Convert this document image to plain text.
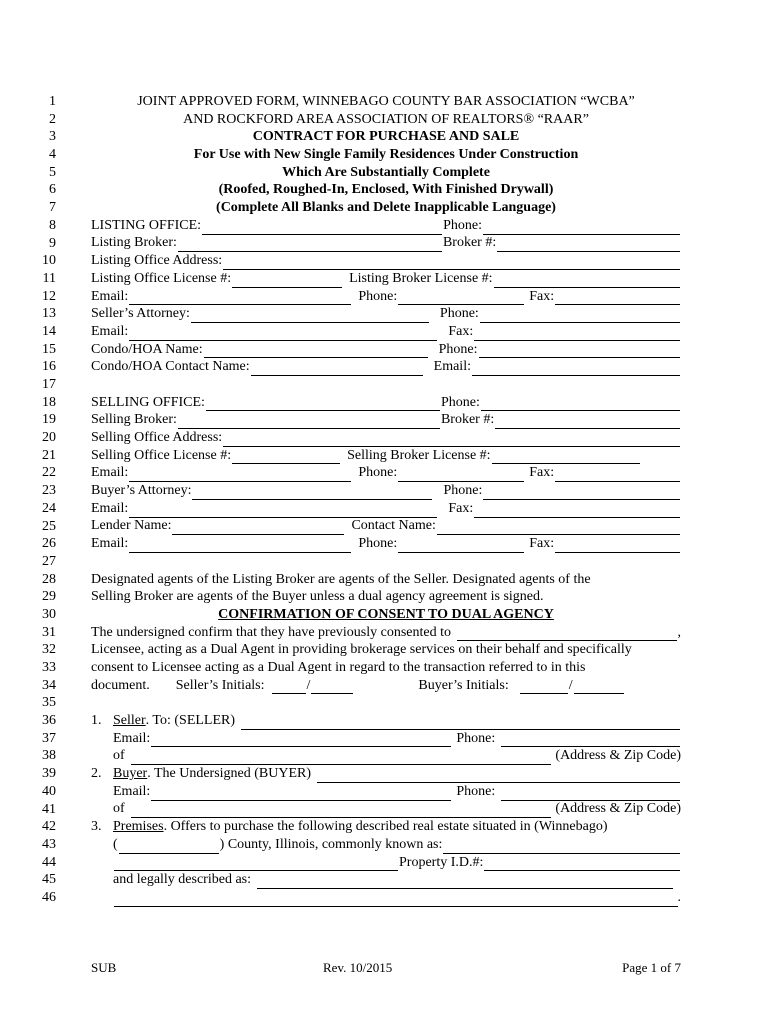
1
2
3
4
5
6
7
8
9
10
11
12
13
14
15
16
17
18
19
20
21
22
23
24
25
26
27
28
29
30
31
32
33
34
35
36
37
38
39
40
41
42
43
44
45
46
JOINT APPROVED FORM, WINNEBAGO COUNTY BAR ASSOCIATION “WCBA”
AND ROCKFORD AREA ASSOCIATION OF REALTORS® “RAAR”
CONTRACT FOR PURCHASE AND SALE
For Use with New Single Family Residences Under Construction
Which Are Substantially Complete
(Roofed, Roughed-In, Enclosed, With Finished Drywall)
(Complete All Blanks and Delete Inapplicable Language)
LISTING OFFICE:	Phone:
Listing Broker:	Broker #:
Listing Office Address:
Listing Office License #:	Listing Broker License #:
Email:	Phone:	Fax:
Seller’s Attorney:	Phone:
Email:	Fax:
Condo/HOA Name:	Phone:
Condo/HOA Contact Name:	Email:
SELLING OFFICE:	Phone:
Selling Broker:	Broker #:
Selling Office Address:
Selling Office License #:	Selling Broker License #:
Email:	Phone:	Fax:
Buyer’s Attorney:	Phone:
Email:	Fax:
Lender Name:	Contact Name:
Email:	Phone:	Fax:
Designated agents of the Listing Broker are agents of the Seller. Designated agents of the
Selling Broker are agents of the Buyer unless a dual agency agreement is signed.
CONFIRMATION OF CONSENT TO DUAL AGENCY
The undersigned confirm that they have previously consented to	,
Licensee, acting as a Dual Agent in providing brokerage services on their behalf and specifically
consent to Licensee acting as a Dual Agent in regard to the transaction referred to in this
document. Seller’s Initials:	/	Buyer’s Initials:	/
1. Seller . To: (SELLER)
Email:	Phone:
of	(Address & Zip Code)
2. Buyer . The Undersigned (BUYER)
Email:	Phone:
of	(Address & Zip Code)
3. Premises . Offers to purchase the following described real estate situated in (Winnebago)
(	) County, Illinois, commonly known as:
Property I.D.#:
and legally described as:
.
SUB	Rev. 10/2015	Page 1 of 7
